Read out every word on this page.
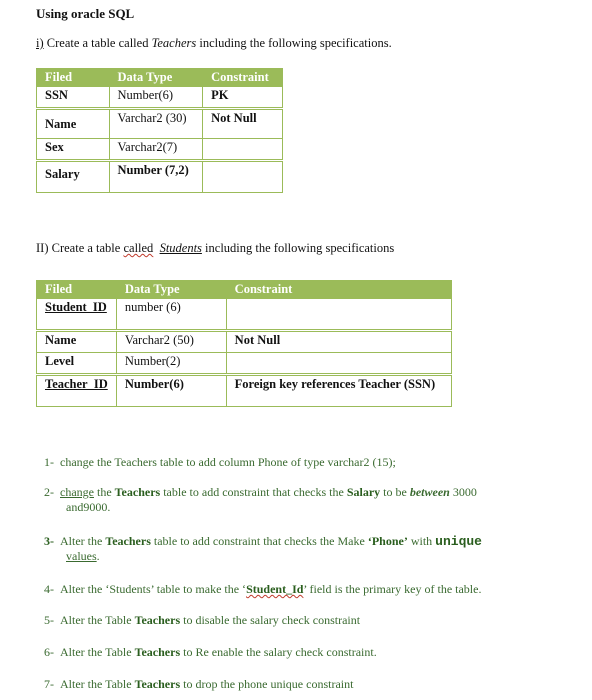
Using oracle SQL
i) Create a table called Teachers including the following specifications.
Filed	Data Type	Constraint
SSN	Number(6)	PK
Name	Varchar2 (30)	Not Null
Sex	Varchar2(7)	
Salary	Number (7,2)	
II) Create a table called Students including the following specifications
Filed	Data Type	Constraint
Student_ID	number (6)	
Name	Varchar2 (50)	Not Null
Level	Number(2)	
Teacher_ID	Number(6)	Foreign key references Teacher (SSN)
1- change the Teachers table to add column Phone of type varchar2 (15);
2- change the Teachers table to add constraint that checks the Salary to be between 3000
and9000.
3- Alter the Teachers table to add constraint that checks the Make ‘Phone’ with unique
values.
4- Alter the ‘Students’ table to make the ‘Student_Id’ field is the primary key of the table.
5- Alter the Table Teachers to disable the salary check constraint
6- Alter the Table Teachers to Re enable the salary check constraint.
7- Alter the Table Teachers to drop the phone unique constraint
